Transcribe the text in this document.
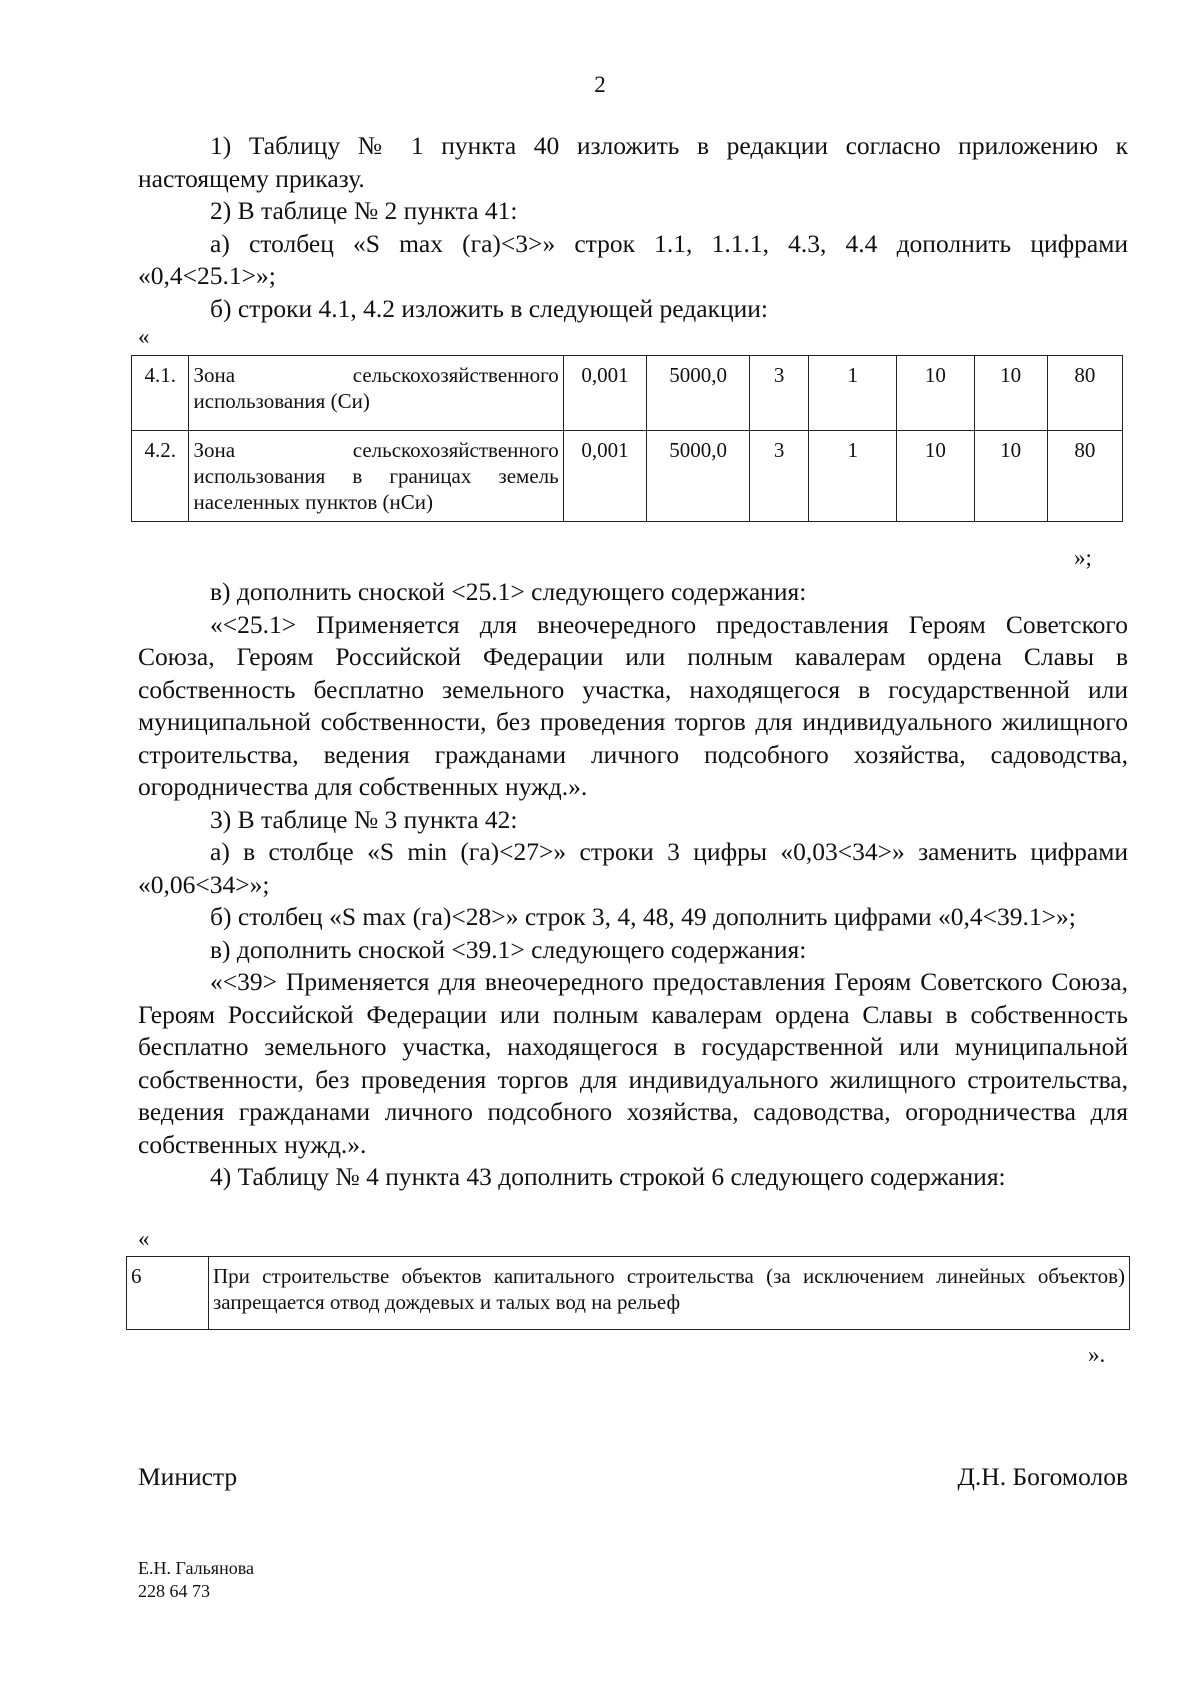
2

1) Таблицу № 1 пункта 40 изложить в редакции согласно приложению к настоящему приказу.

2) В таблице № 2 пункта 41:

а) столбец «S max (га)<3>» строк 1.1, 1.1.1, 4.3, 4.4 дополнить цифрами «0,4<25.1>»;

б) строки 4.1, 4.2 изложить в следующей редакции:

«
4.1.	Зона сельскохозяйственного использования (Си)	0,001	5000,0	3	1	10	10	80
4.2.	Зона сельскохозяйственного использования в границах земель населенных пунктов (нСи)	0,001	5000,0	3	1	10	10	80
»;

в) дополнить сноской <25.1> следующего содержания:

«<25.1> Применяется для внеочередного предоставления Героям Советского Союза, Героям Российской Федерации или полным кавалерам ордена Славы в собственность бесплатно земельного участка, находящегося в государственной или муниципальной собственности, без проведения торгов для индивидуального жилищного строительства, ведения гражданами личного подсобного хозяйства, садоводства, огородничества для собственных нужд.».

3) В таблице № 3 пункта 42:

а) в столбце «S min (га)<27>» строки 3 цифры «0,03<34>» заменить цифрами «0,06<34>»;

б) столбец «S max (га)<28>» строк 3, 4, 48, 49 дополнить цифрами «0,4<39.1>»;

в) дополнить сноской <39.1> следующего содержания:

«<39> Применяется для внеочередного предоставления Героям Советского Союза, Героям Российской Федерации или полным кавалерам ордена Славы в собственность бесплатно земельного участка, находящегося в государственной или муниципальной собственности, без проведения торгов для индивидуального жилищного строительства, ведения гражданами личного подсобного хозяйства, садоводства, огородничества для собственных нужд.».

4) Таблицу № 4 пункта 43 дополнить строкой 6 следующего содержания:

«
6	При строительстве объектов капитального строительства (за исключением линейных объектов) запрещается отвод дождевых и талых вод на рельеф
».
Министр	Д.Н. Богомолов
Е.Н. Гальянова
228 64 73
